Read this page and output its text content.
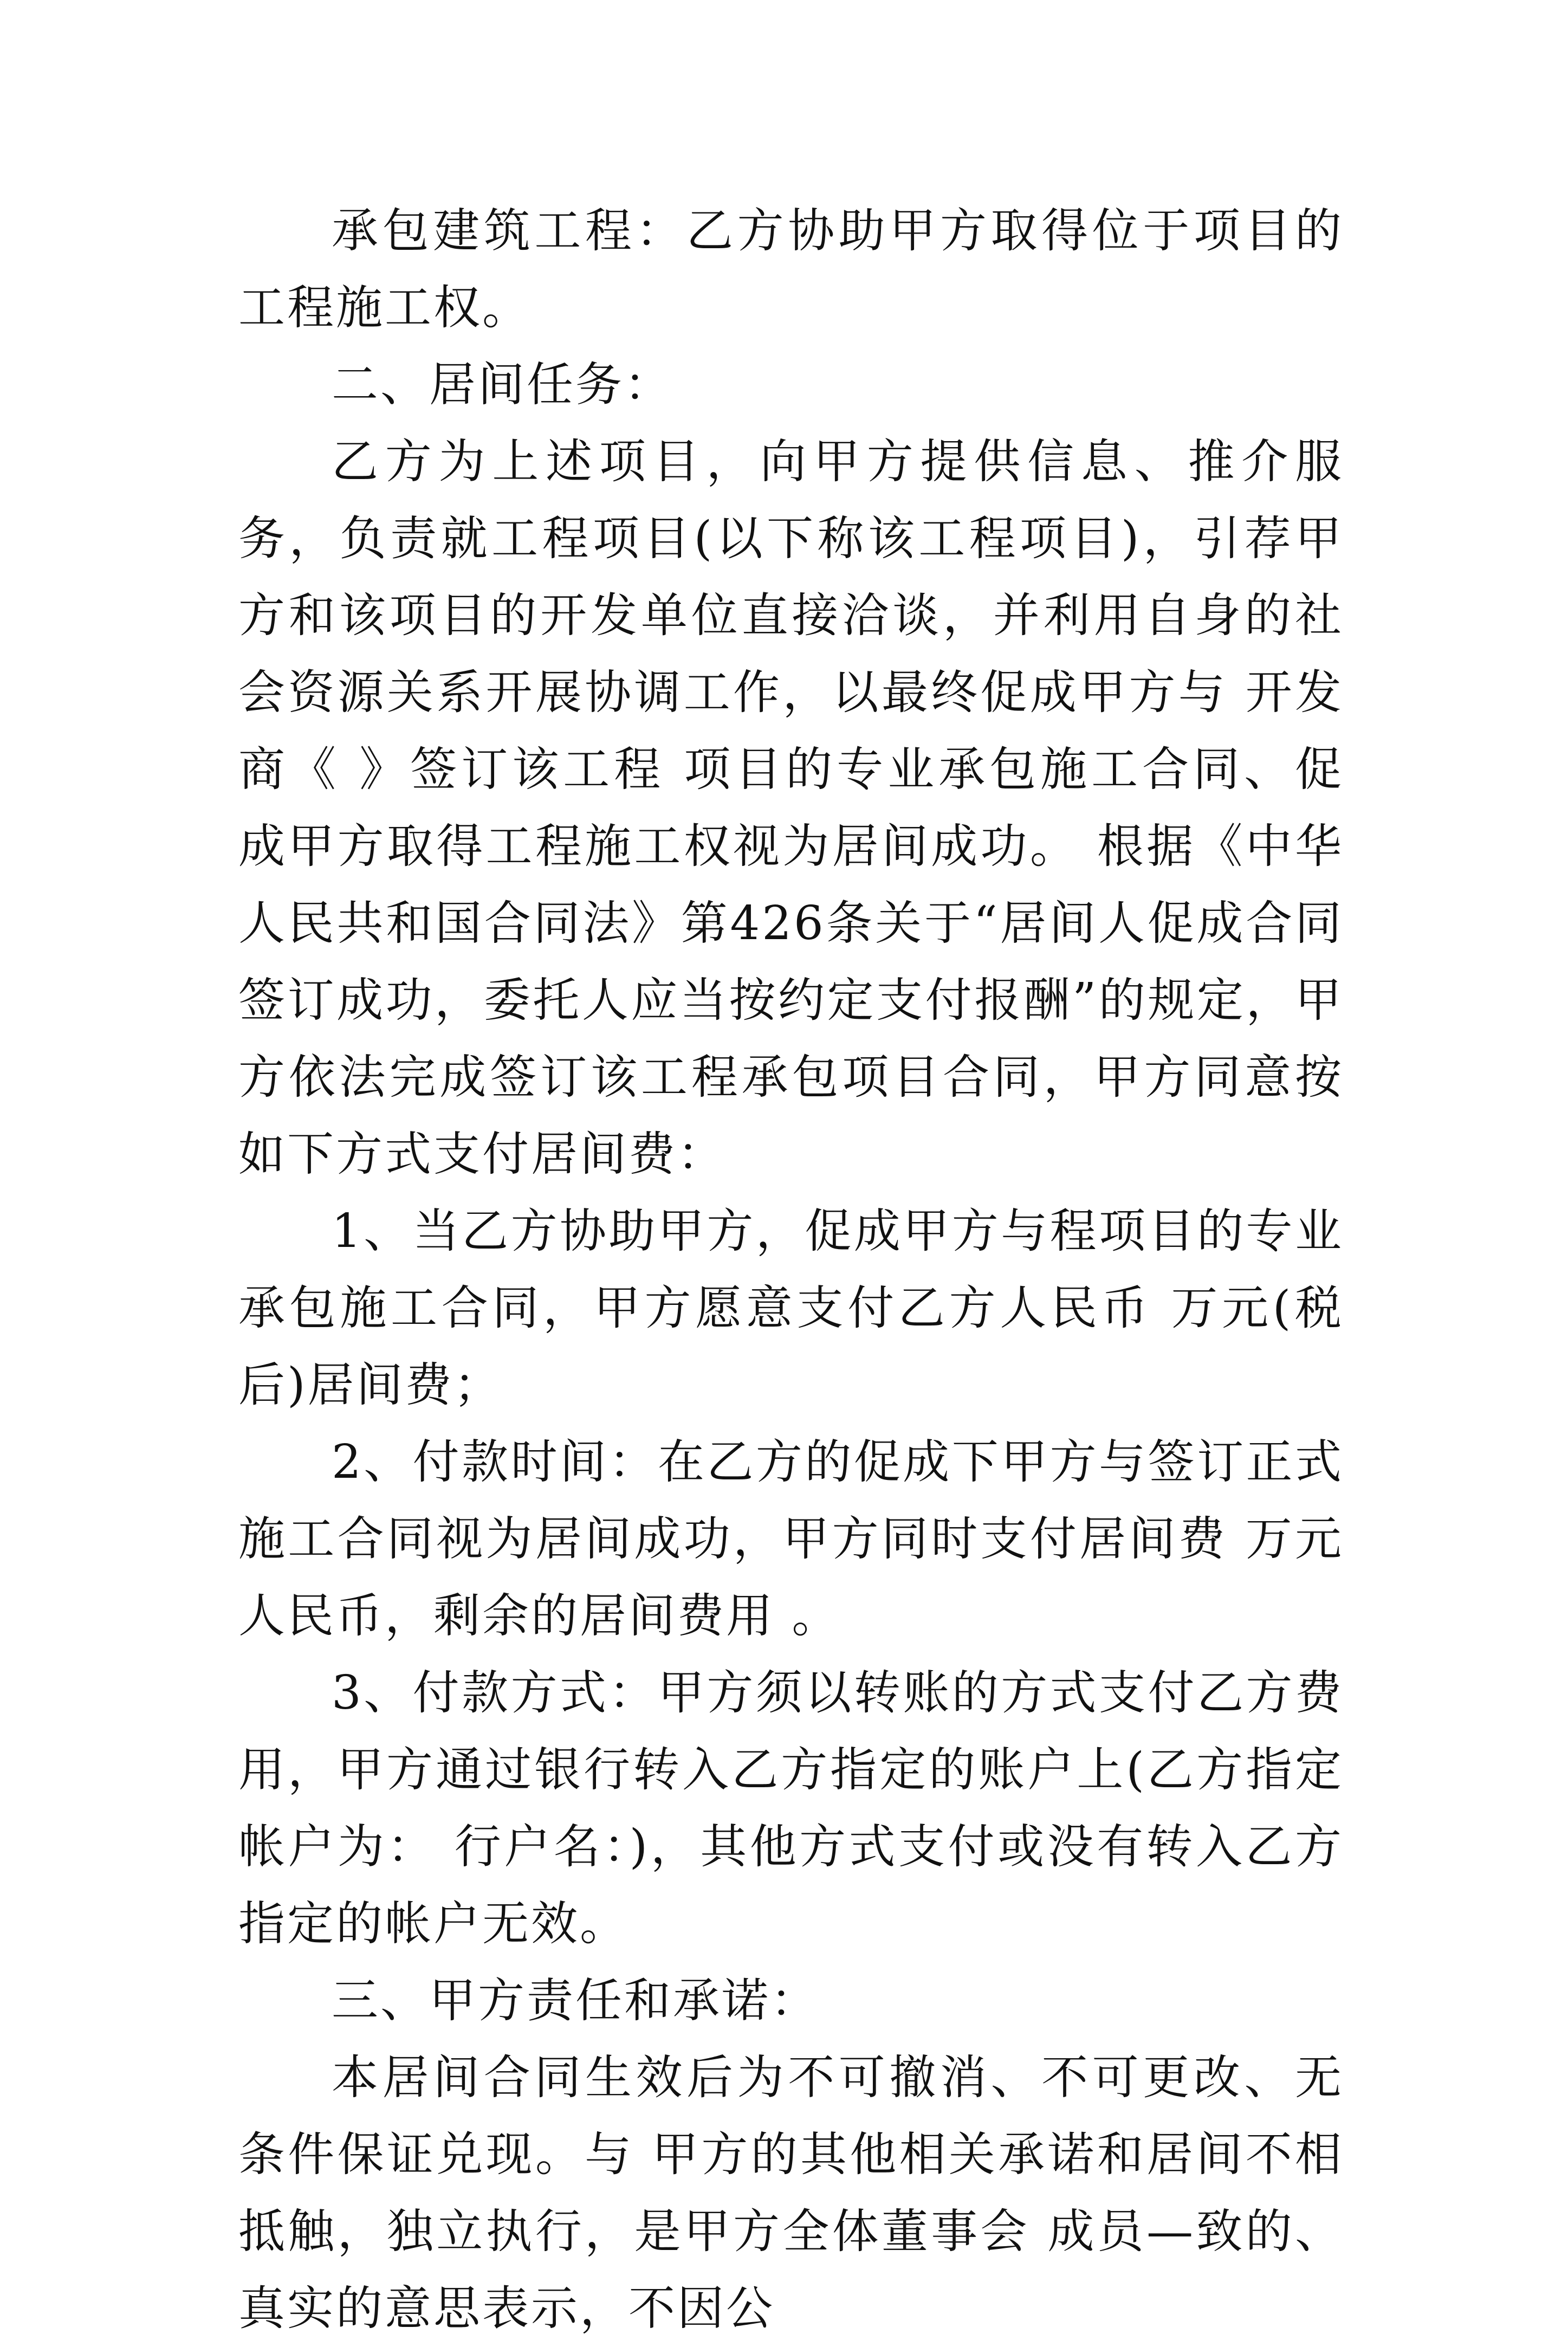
承包建筑工程：乙方协助甲方取得位于项目的工程施工权。

二、居间任务：

乙方为上述项目，向甲方提供信息、推介服务，负责就工程项目(以下称该工程项目)，引荐甲方和该项目的开发单位直接洽谈，并利用自身的社会资源关系开展协调工作，以最终促成甲方与 开发商《 》签订该工程 项目的专业承包施工合同、促成甲方取得工程施工权视为居间成功。 根据《中华人民共和国合同法》第426条关于“居间人促成合同签订成功，委托人应当按约定支付报酬”的规定，甲方依法完成签订该工程承包项目合同，甲方同意按如下方式支付居间费：

1、当乙方协助甲方，促成甲方与程项目的专业承包施工合同，甲方愿意支付乙方人民币 万元(税后)居间费；

2、付款时间：在乙方的促成下甲方与签订正式施工合同视为居间成功，甲方同时支付居间费 万元人民币，剩余的居间费用 。

3、付款方式：甲方须以转账的方式支付乙方费用，甲方通过银行转入乙方指定的账户上(乙方指定帐户为： 行户名：)，其他方式支付或没有转入乙方指定的帐户无效。

三、甲方责任和承诺：

本居间合同生效后为不可撤消、不可更改、无条件保证兑现。与 甲方的其他相关承诺和居间不相抵触，独立执行，是甲方全体董事会 成员—致的、真实的意思表示，不因公
